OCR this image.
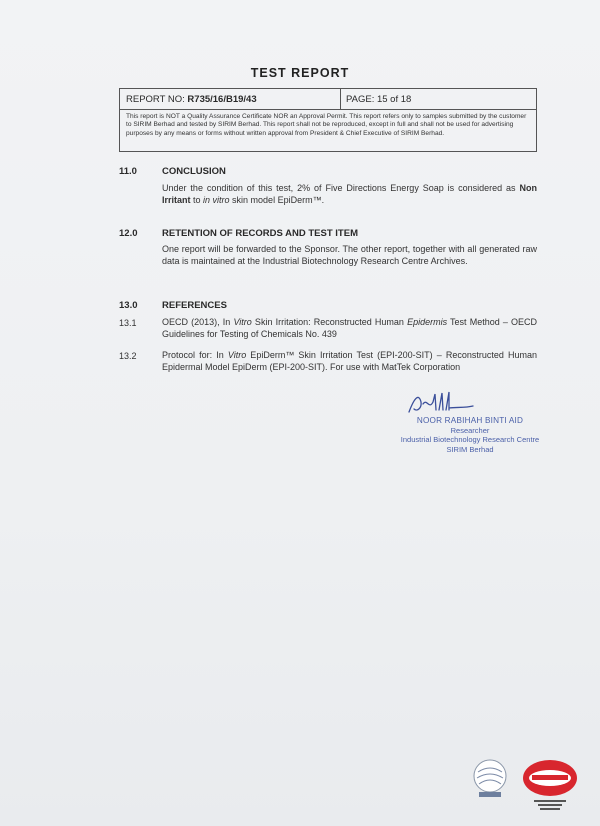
TEST REPORT
REPORT NO: R735/16/B19/43	PAGE: 15 of 18
This report is NOT a Quality Assurance Certificate NOR an Approval Permit. This report refers only to samples submitted by the customer to SIRIM Berhad and tested by SIRIM Berhad. This report shall not be reproduced, except in full and shall not be used for advertising purposes by any means or forms without written approval from President & Chief Executive of SIRIM Berhad.
11.0	CONCLUSION
Under the condition of this test, 2% of Five Directions Energy Soap is considered as Non Irritant to in vitro skin model EpiDerm™.
12.0	RETENTION OF RECORDS AND TEST ITEM
One report will be forwarded to the Sponsor. The other report, together with all generated raw data is maintained at the Industrial Biotechnology Research Centre Archives.
13.0	REFERENCES
13.1	OECD (2013), In Vitro Skin Irritation: Reconstructed Human Epidermis Test Method – OECD Guidelines for Testing of Chemicals No. 439
13.2	Protocol for: In Vitro EpiDerm™ Skin Irritation Test (EPI-200-SIT) – Reconstructed Human Epidermal Model EpiDerm (EPI-200-SIT). For use with MatTek Corporation
NOOR RABIHAH BINTI AID
Researcher
Industrial Biotechnology Research Centre
SIRIM Berhad
